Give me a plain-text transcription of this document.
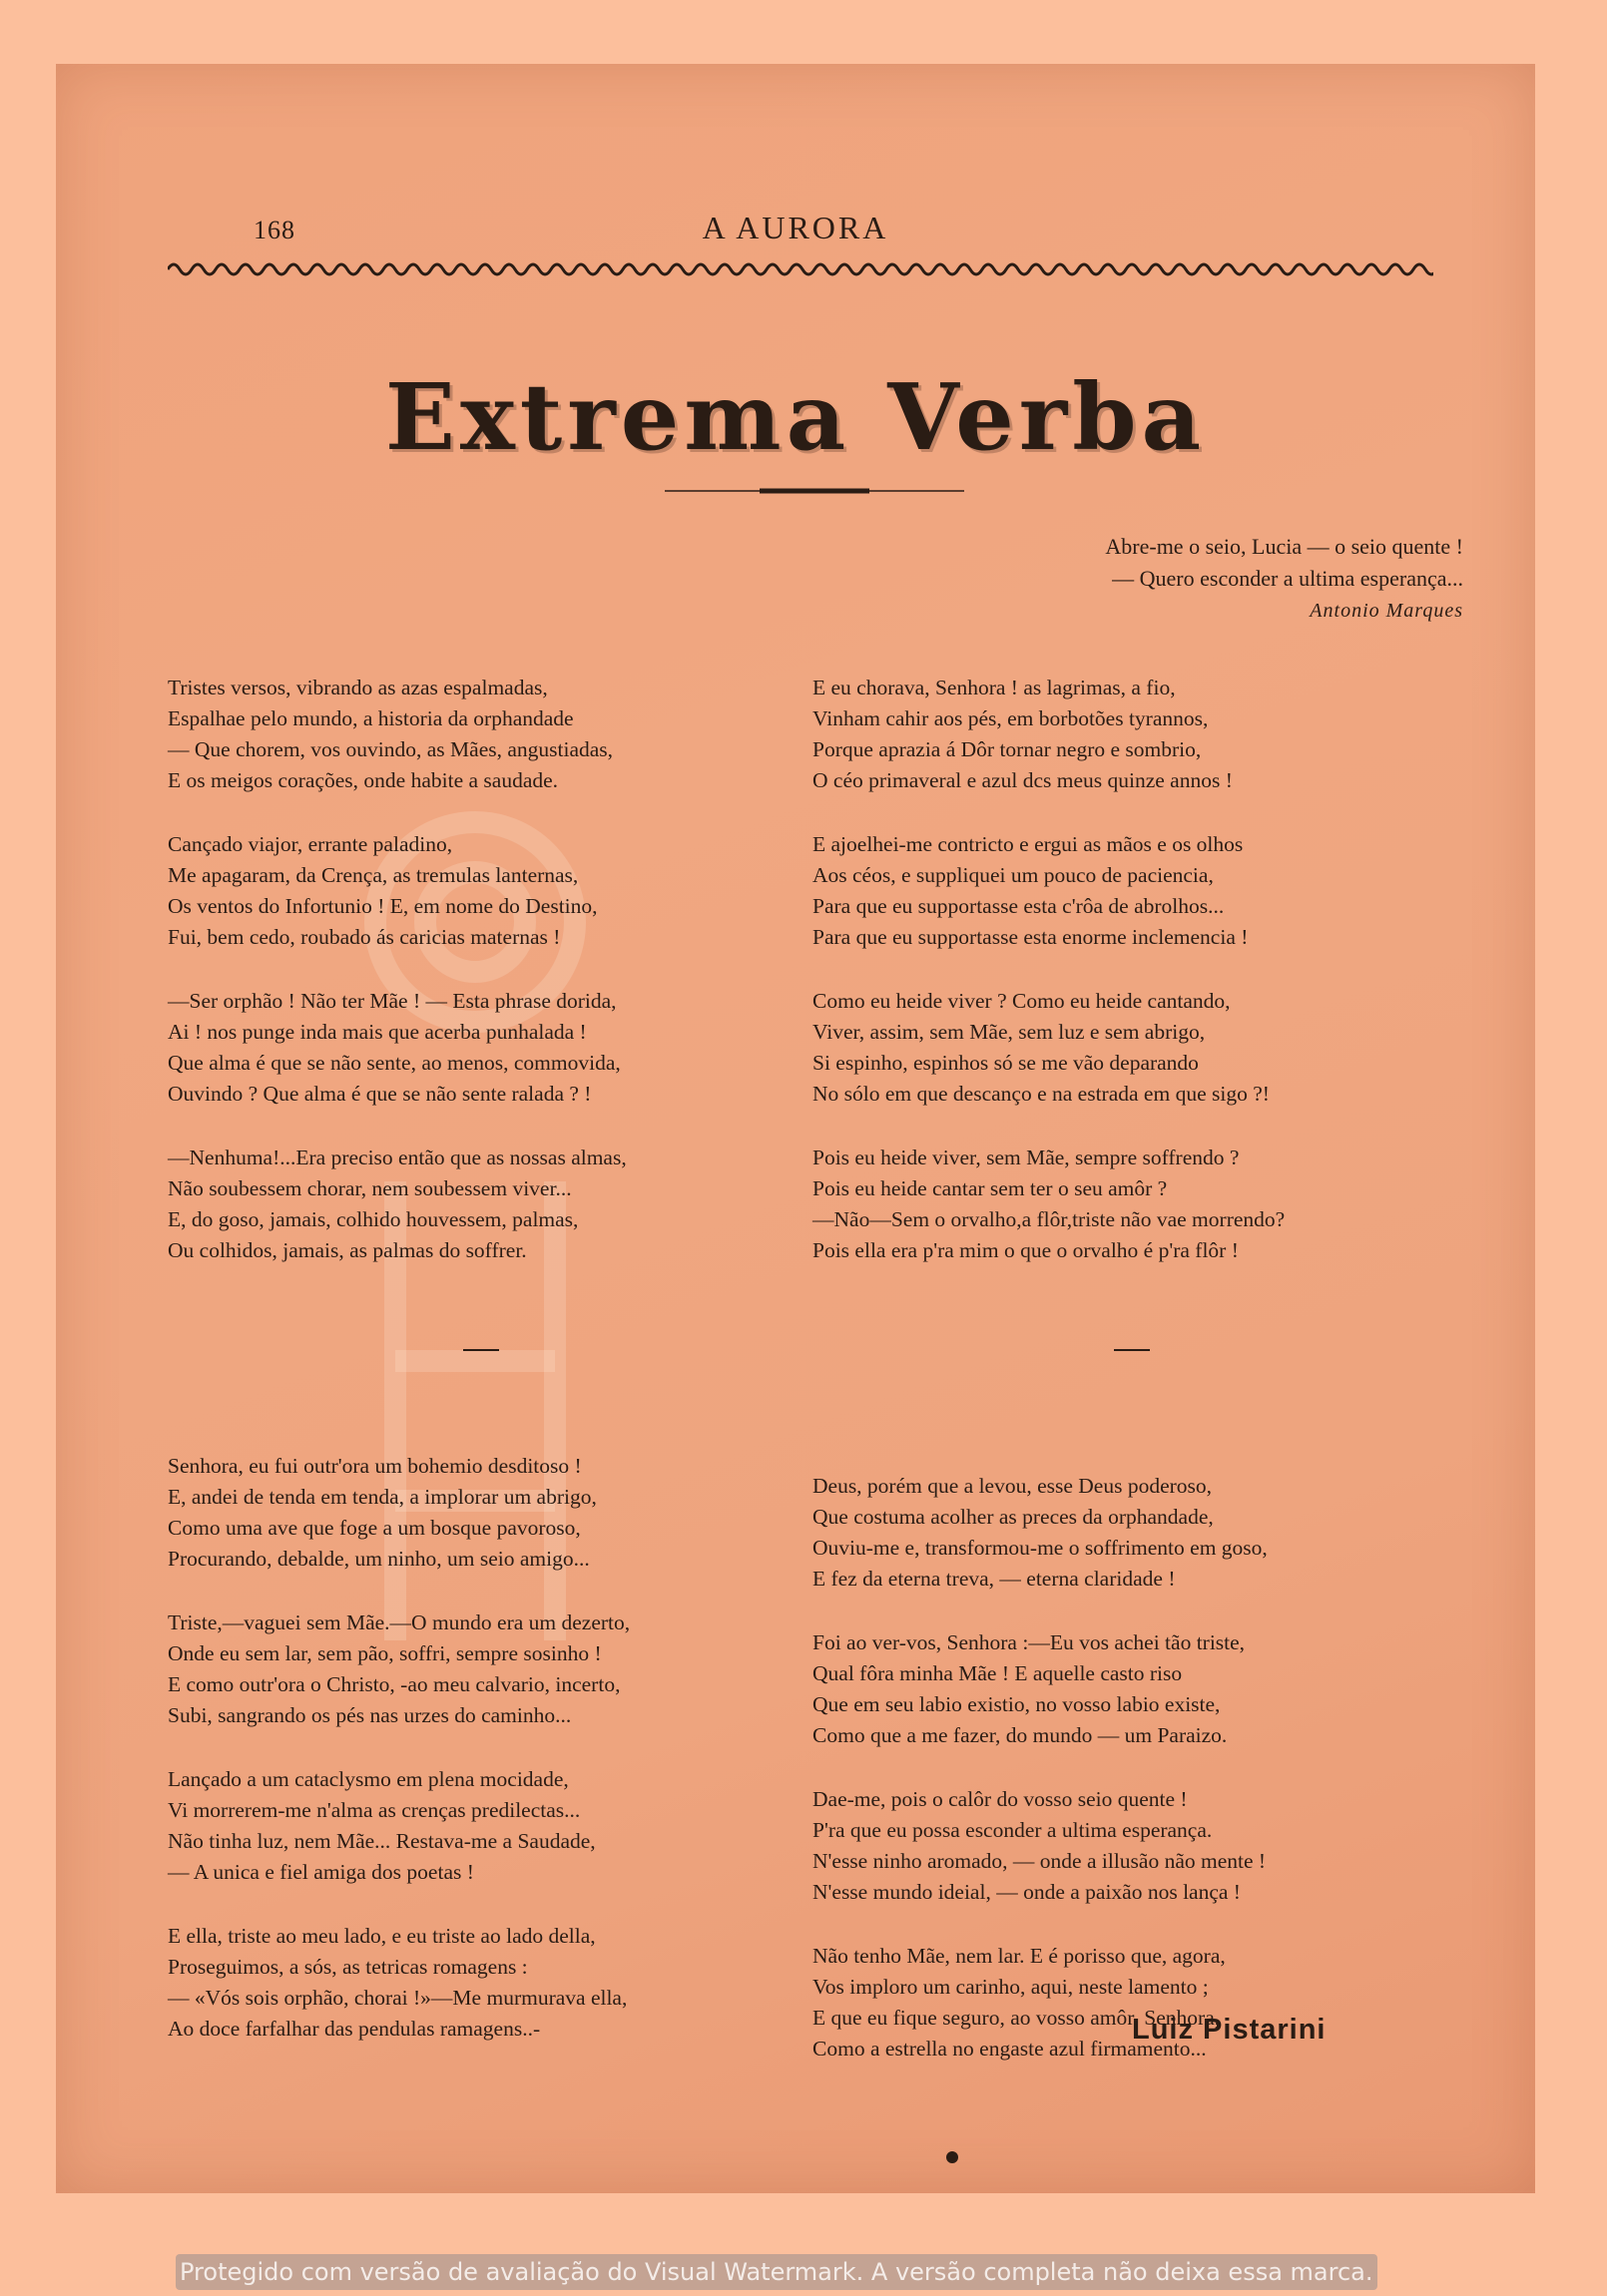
168	A AURORA
Extrema Verba
Abre-me o seio, Lucia — o seio quente !
— Quero esconder a ultima esperança...
Antonio Marques
Tristes versos, vibrando as azas espalmadas,
Espalhae pelo mundo, a historia da orphandade
— Que chorem, vos ouvindo, as Mães, angustiadas,
E os meigos corações, onde habite a saudade.
Cançado viajor, errante paladino,
Me apagaram, da Crença, as tremulas lanternas,
Os ventos do Infortunio ! E, em nome do Destino,
Fui, bem cedo, roubado ás caricias maternas !
—Ser orphão ! Não ter Mãe ! — Esta phrase dorida,
Ai ! nos punge inda mais que acerba punhalada !
Que alma é que se não sente, ao menos, commovida,
Ouvindo ? Que alma é que se não sente ralada ? !
—Nenhuma!...Era preciso então que as nossas almas,
Não soubessem chorar, nem soubessem viver...
E, do goso, jamais, colhido houvessem, palmas,
Ou colhidos, jamais, as palmas do soffrer.
Senhora, eu fui outr'ora um bohemio desditoso !
E, andei de tenda em tenda, a implorar um abrigo,
Como uma ave que foge a um bosque pavoroso,
Procurando, debalde, um ninho, um seio amigo...
Triste,—vaguei sem Mãe.—O mundo era um dezerto,
Onde eu sem lar, sem pão, soffri, sempre sosinho !
E como outr'ora o Christo, -ao meu calvario, incerto,
Subi, sangrando os pés nas urzes do caminho...
Lançado a um cataclysmo em plena mocidade,
Vi morrerem-me n'alma as crenças predilectas...
Não tinha luz, nem Mãe... Restava-me a Saudade,
— A unica e fiel amiga dos poetas !
E ella, triste ao meu lado, e eu triste ao lado della,
Proseguimos, a sós, as tetricas romagens :
— «Vós sois orphão, chorai !»—Me murmurava ella,
Ao doce farfalhar das pendulas ramagens..-
E eu chorava, Senhora ! as lagrimas, a fio,
Vinham cahir aos pés, em borbotões tyrannos,
Porque aprazia á Dôr tornar negro e sombrio,
O céo primaveral e azul dcs meus quinze annos !
E ajoelhei-me contricto e ergui as mãos e os olhos
Aos céos, e suppliquei um pouco de paciencia,
Para que eu supportasse esta c'rôa de abrolhos...
Para que eu supportasse esta enorme inclemencia !
Como eu heide viver ? Como eu heide cantando,
Viver, assim, sem Mãe, sem luz e sem abrigo,
Si espinho, espinhos só se me vão deparando
No sólo em que descanço e na estrada em que sigo ?!
Pois eu heide viver, sem Mãe, sempre soffrendo ?
Pois eu heide cantar sem ter o seu amôr ?
—Não—Sem o orvalho,a flôr,triste não vae morrendo?
Pois ella era p'ra mim o que o orvalho é p'ra flôr !
Deus, porém que a levou, esse Deus poderoso,
Que costuma acolher as preces da orphandade,
Ouviu-me e, transformou-me o soffrimento em goso,
E fez da eterna treva, — eterna claridade !
Foi ao ver-vos, Senhora :—Eu vos achei tão triste,
Qual fôra minha Mãe ! E aquelle casto riso
Que em seu labio existio, no vosso labio existe,
Como que a me fazer, do mundo — um Paraizo.
Dae-me, pois o calôr do vosso seio quente !
P'ra que eu possa esconder a ultima esperança.
N'esse ninho aromado, — onde a illusão não mente !
N'esse mundo ideial, — onde a paixão nos lança !
Não tenho Mãe, nem lar. E é porisso que, agora,
Vos imploro um carinho, aqui, neste lamento ;
E que eu fique seguro, ao vosso amôr, Senhora,
Como a estrella no engaste azul firmamento...
Luiz Pistarini
Protegido com versão de avaliação do Visual Watermark. A versão completa não deixa essa marca.
